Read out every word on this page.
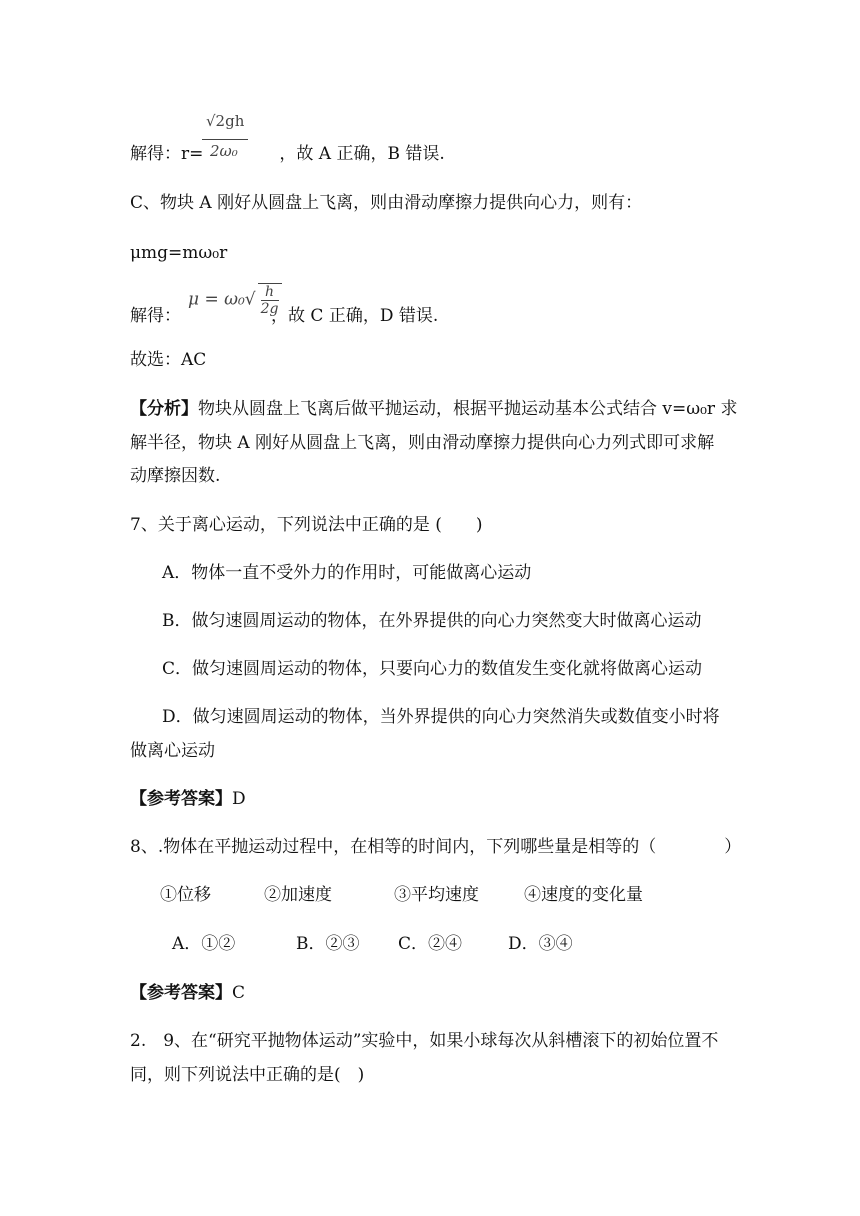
解得：r=	，故 A 正确，B 错误.
√2gh
2ω₀
C、物块 A 刚好从圆盘上飞离，则由滑动摩擦力提供向心力，则有：
μmg=mω₀r
解得：	，故 C 正确，D 错误.
$\mu = \omega_0√ \frac{h}{2g}$
故选：AC
【分析】物块从圆盘上飞离后做平抛运动，根据平抛运动基本公式结合 v=ω₀r 求
解半径，物块 A 刚好从圆盘上飞离，则由滑动摩擦力提供向心力列式即可求解
动摩擦因数.
7、关于离心运动，下列说法中正确的是 (　　)
A．物体一直不受外力的作用时，可能做离心运动
B．做匀速圆周运动的物体，在外界提供的向心力突然变大时做离心运动
C．做匀速圆周运动的物体，只要向心力的数值发生变化就将做离心运动
D．做匀速圆周运动的物体，当外界提供的向心力突然消失或数值变小时将
做离心运动
【参考答案】D
8、.物体在平抛运动过程中，在相等的时间内，下列哪些量是相等的（　　　　）
①位移	②加速度	③平均速度	④速度的变化量
A．①②	B．②③ C．②④	D．③④
【参考答案】C
2.　9、在“研究平抛物体运动”实验中，如果小球每次从斜槽滚下的初始位置不
同，则下列说法中正确的是(　)
